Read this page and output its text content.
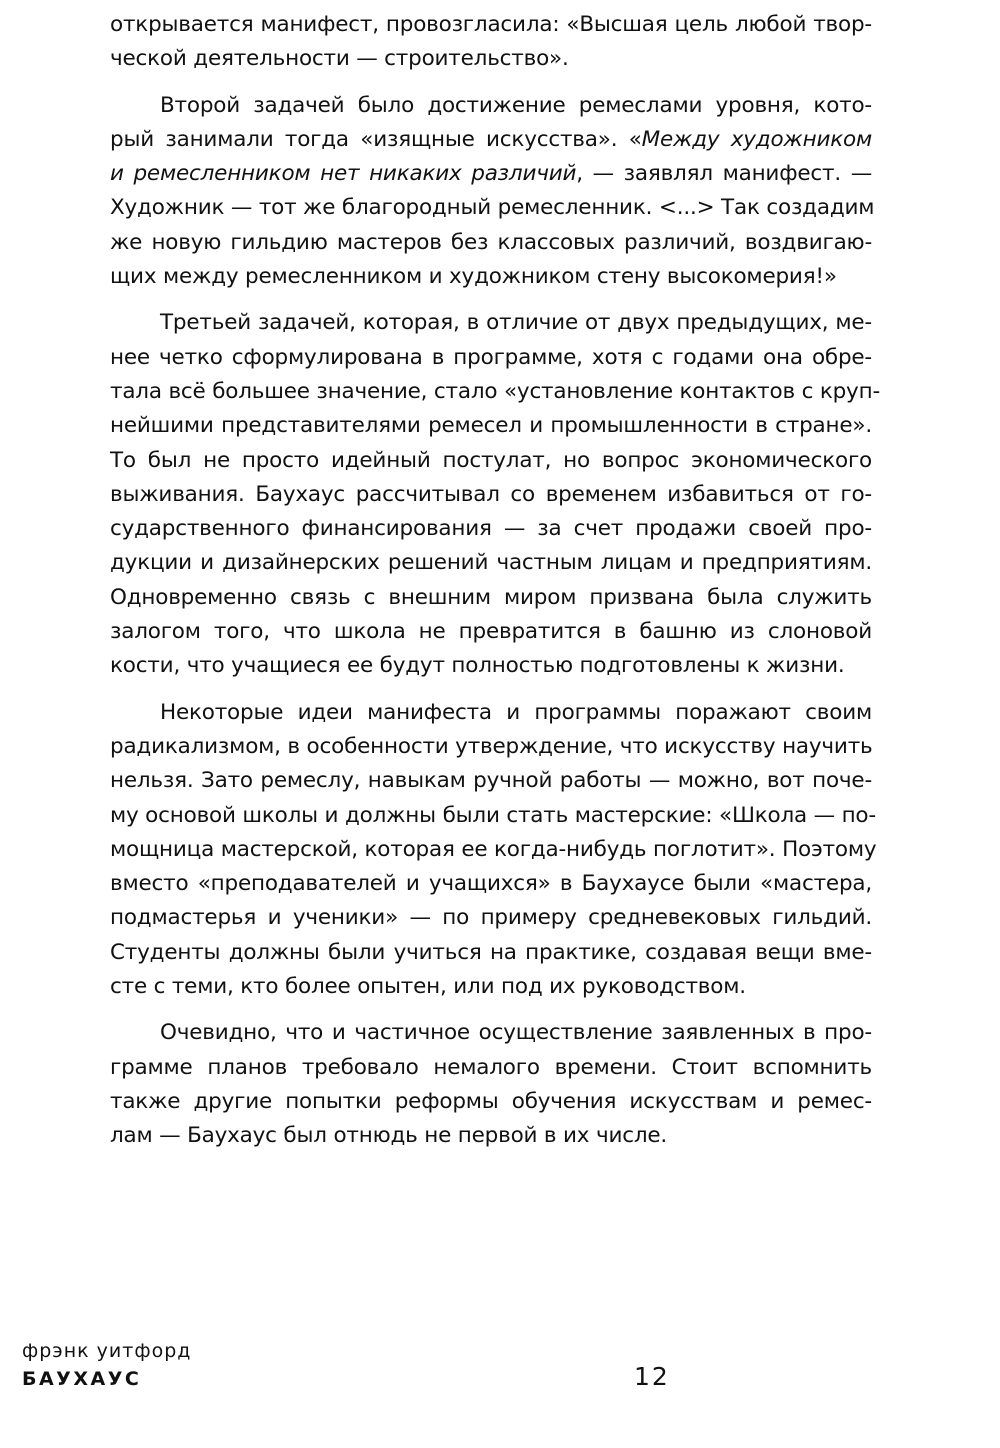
открывается манифест, провозгласила: «Высшая цель любой твор-
ческой деятельности — строительство».

Второй задачей было достижение ремеслами уровня, кото-
рый занимали тогда «изящные искусства». «Между художником
и ремесленником нет никаких различий, — заявлял манифест. —
Художник — тот же благородный ремесленник. <...> Так создадим
же новую гильдию мастеров без классовых различий, воздвигаю-
щих между ремесленником и художником стену высокомерия!»

Третьей задачей, которая, в отличие от двух предыдущих, ме-
нее четко сформулирована в программе, хотя с годами она обре-
тала всё большее значение, стало «установление контактов с круп-
нейшими представителями ремесел и промышленности в стране».
То был не просто идейный постулат, но вопрос экономического
выживания. Баухаус рассчитывал со временем избавиться от го-
сударственного финансирования — за счет продажи своей про-
дукции и дизайнерских решений частным лицам и предприятиям.
Одновременно связь с внешним миром призвана была служить
залогом того, что школа не превратится в башню из слоновой
кости, что учащиеся ее будут полностью подготовлены к жизни.

Некоторые идеи манифеста и программы поражают своим
радикализмом, в особенности утверждение, что искусству научить
нельзя. Зато ремеслу, навыкам ручной работы — можно, вот поче-
му основой школы и должны были стать мастерские: «Школа — по-
мощница мастерской, которая ее когда-нибудь поглотит». Поэтому
вместо «преподавателей и учащихся» в Баухаусе были «мастера,
подмастерья и ученики» — по примеру средневековых гильдий.
Студенты должны были учиться на практике, создавая вещи вме-
сте с теми, кто более опытен, или под их руководством.

Очевидно, что и частичное осуществление заявленных в про-
грамме планов требовало немалого времени. Стоит вспомнить
также другие попытки реформы обучения искусствам и ремес-
лам — Баухаус был отнюдь не первой в их числе.

фрэнк уитфорд
БАУХАУС	12
